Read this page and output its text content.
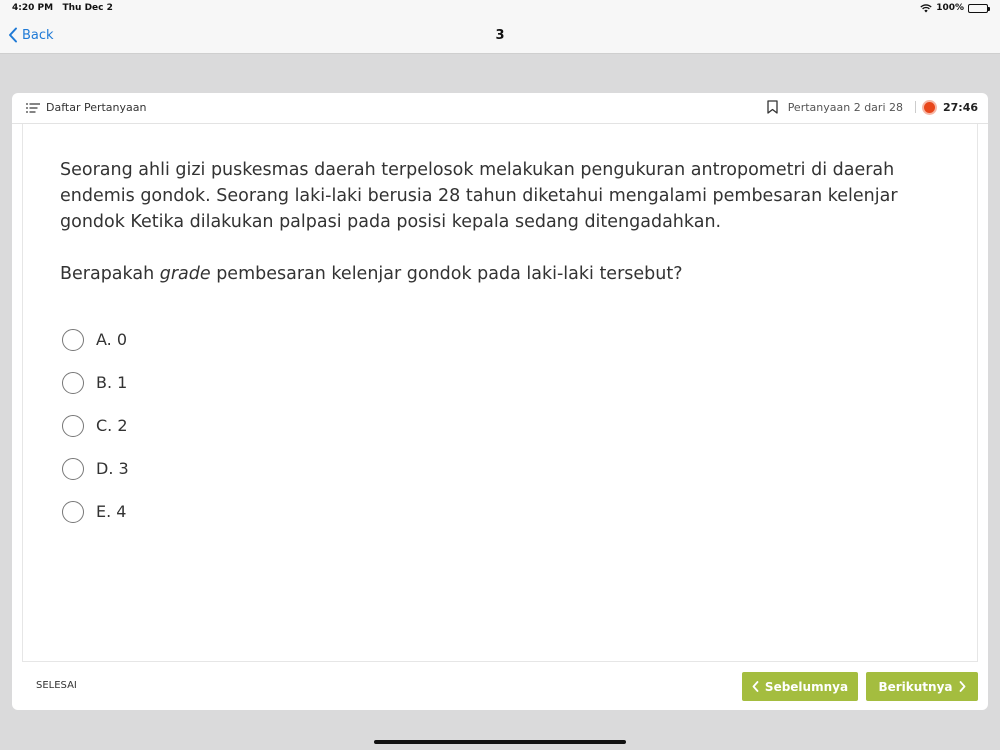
4:20 PM Thu Dec 2	100%
Back	3
Daftar Pertanyaan	Pertanyaan 2 dari 28	27:46

Seorang ahli gizi puskesmas daerah terpelosok melakukan pengukuran antropometri di daerah endemis gondok. Seorang laki-laki berusia 28 tahun diketahui mengalami pembesaran kelenjar gondok Ketika dilakukan palpasi pada posisi kepala sedang ditengadahkan.

Berapakah grade pembesaran kelenjar gondok pada laki-laki tersebut?

A. 0
B. 1
C. 2
D. 3
E. 4
SELESAI	Sebelumnya	Berikutnya
